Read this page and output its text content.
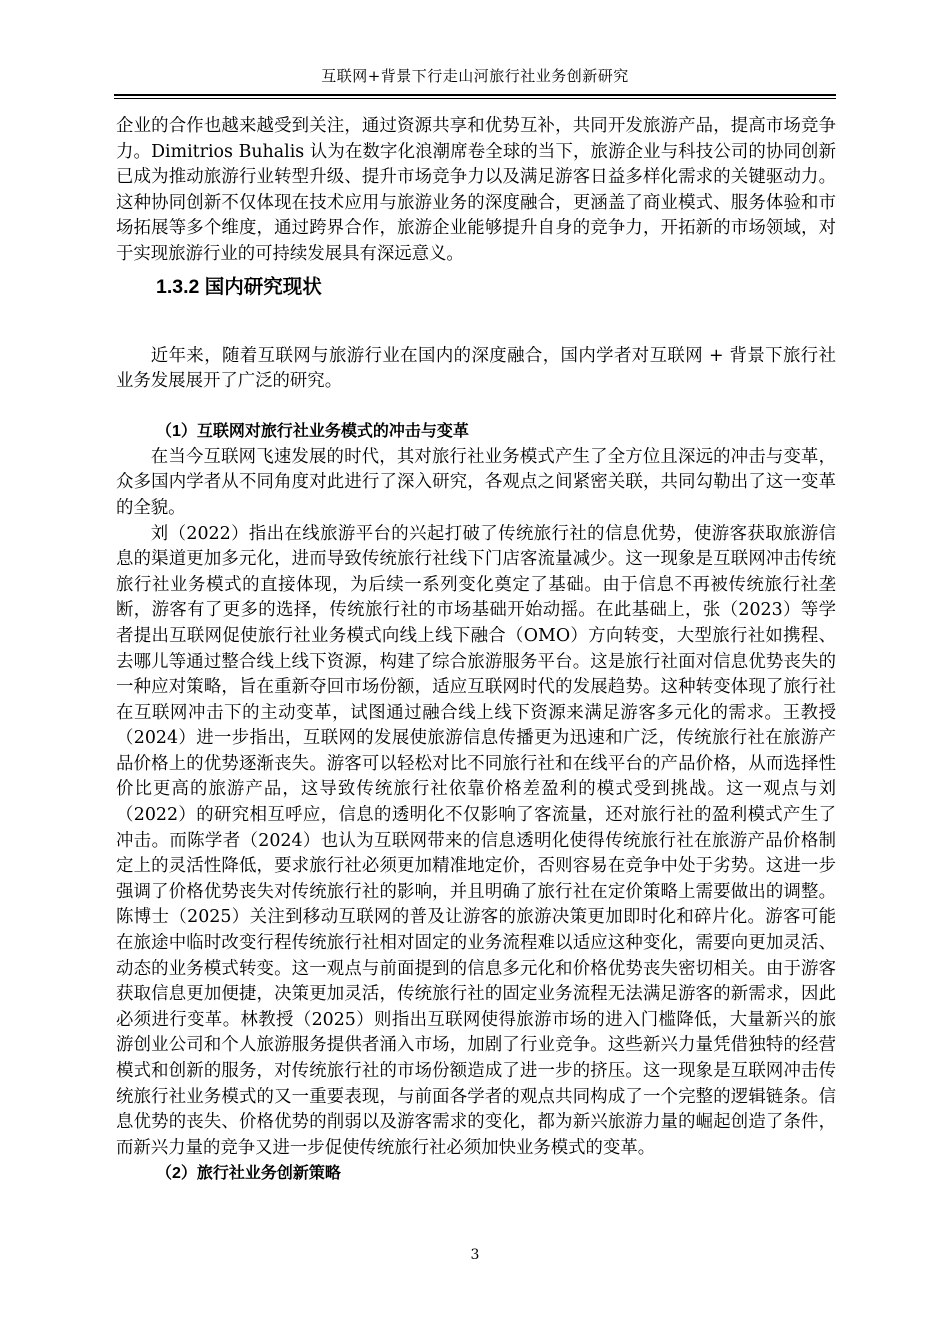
互联网+背景下行走山河旅行社业务创新研究

企业的合作也越来越受到关注，通过资源共享和优势互补，共同开发旅游产品，提高市场竞争力。Dimitrios Buhalis 认为在数字化浪潮席卷全球的当下，旅游企业与科技公司的协同创新已成为推动旅游行业转型升级、提升市场竞争力以及满足游客日益多样化需求的关键驱动力。这种协同创新不仅体现在技术应用与旅游业务的深度融合，更涵盖了商业模式、服务体验和市场拓展等多个维度，通过跨界合作，旅游企业能够提升自身的竞争力，开拓新的市场领域，对于实现旅游行业的可持续发展具有深远意义。

1.3.2 国内研究现状

近年来，随着互联网与旅游行业在国内的深度融合，国内学者对互联网 + 背景下旅行社业务发展展开了广泛的研究。

（1）互联网对旅行社业务模式的冲击与变革

在当今互联网飞速发展的时代，其对旅行社业务模式产生了全方位且深远的冲击与变革，众多国内学者从不同角度对此进行了深入研究，各观点之间紧密关联，共同勾勒出了这一变革的全貌。

刘（2022）指出在线旅游平台的兴起打破了传统旅行社的信息优势，使游客获取旅游信息的渠道更加多元化，进而导致传统旅行社线下门店客流量减少。这一现象是互联网冲击传统旅行社业务模式的直接体现，为后续一系列变化奠定了基础。由于信息不再被传统旅行社垄断，游客有了更多的选择，传统旅行社的市场基础开始动摇。在此基础上，张（2023）等学者提出互联网促使旅行社业务模式向线上线下融合（OMO）方向转变，大型旅行社如携程、去哪儿等通过整合线上线下资源，构建了综合旅游服务平台。这是旅行社面对信息优势丧失的一种应对策略，旨在重新夺回市场份额，适应互联网时代的发展趋势。这种转变体现了旅行社在互联网冲击下的主动变革，试图通过融合线上线下资源来满足游客多元化的需求。王教授（2024）进一步指出，互联网的发展使旅游信息传播更为迅速和广泛，传统旅行社在旅游产品价格上的优势逐渐丧失。游客可以轻松对比不同旅行社和在线平台的产品价格，从而选择性价比更高的旅游产品，这导致传统旅行社依靠价格差盈利的模式受到挑战。这一观点与刘（2022）的研究相互呼应，信息的透明化不仅影响了客流量，还对旅行社的盈利模式产生了冲击。而陈学者（2024）也认为互联网带来的信息透明化使得传统旅行社在旅游产品价格制定上的灵活性降低，要求旅行社必须更加精准地定价，否则容易在竞争中处于劣势。这进一步强调了价格优势丧失对传统旅行社的影响，并且明确了旅行社在定价策略上需要做出的调整。陈博士（2025）关注到移动互联网的普及让游客的旅游决策更加即时化和碎片化。游客可能在旅途中临时改变行程传统旅行社相对固定的业务流程难以适应这种变化，需要向更加灵活、动态的业务模式转变。这一观点与前面提到的信息多元化和价格优势丧失密切相关。由于游客获取信息更加便捷，决策更加灵活，传统旅行社的固定业务流程无法满足游客的新需求，因此必须进行变革。林教授（2025）则指出互联网使得旅游市场的进入门槛降低，大量新兴的旅游创业公司和个人旅游服务提供者涌入市场，加剧了行业竞争。这些新兴力量凭借独特的经营模式和创新的服务，对传统旅行社的市场份额造成了进一步的挤压。这一现象是互联网冲击传统旅行社业务模式的又一重要表现，与前面各学者的观点共同构成了一个完整的逻辑链条。信息优势的丧失、价格优势的削弱以及游客需求的变化，都为新兴旅游力量的崛起创造了条件，而新兴力量的竞争又进一步促使传统旅行社必须加快业务模式的变革。

（2）旅行社业务创新策略
3
